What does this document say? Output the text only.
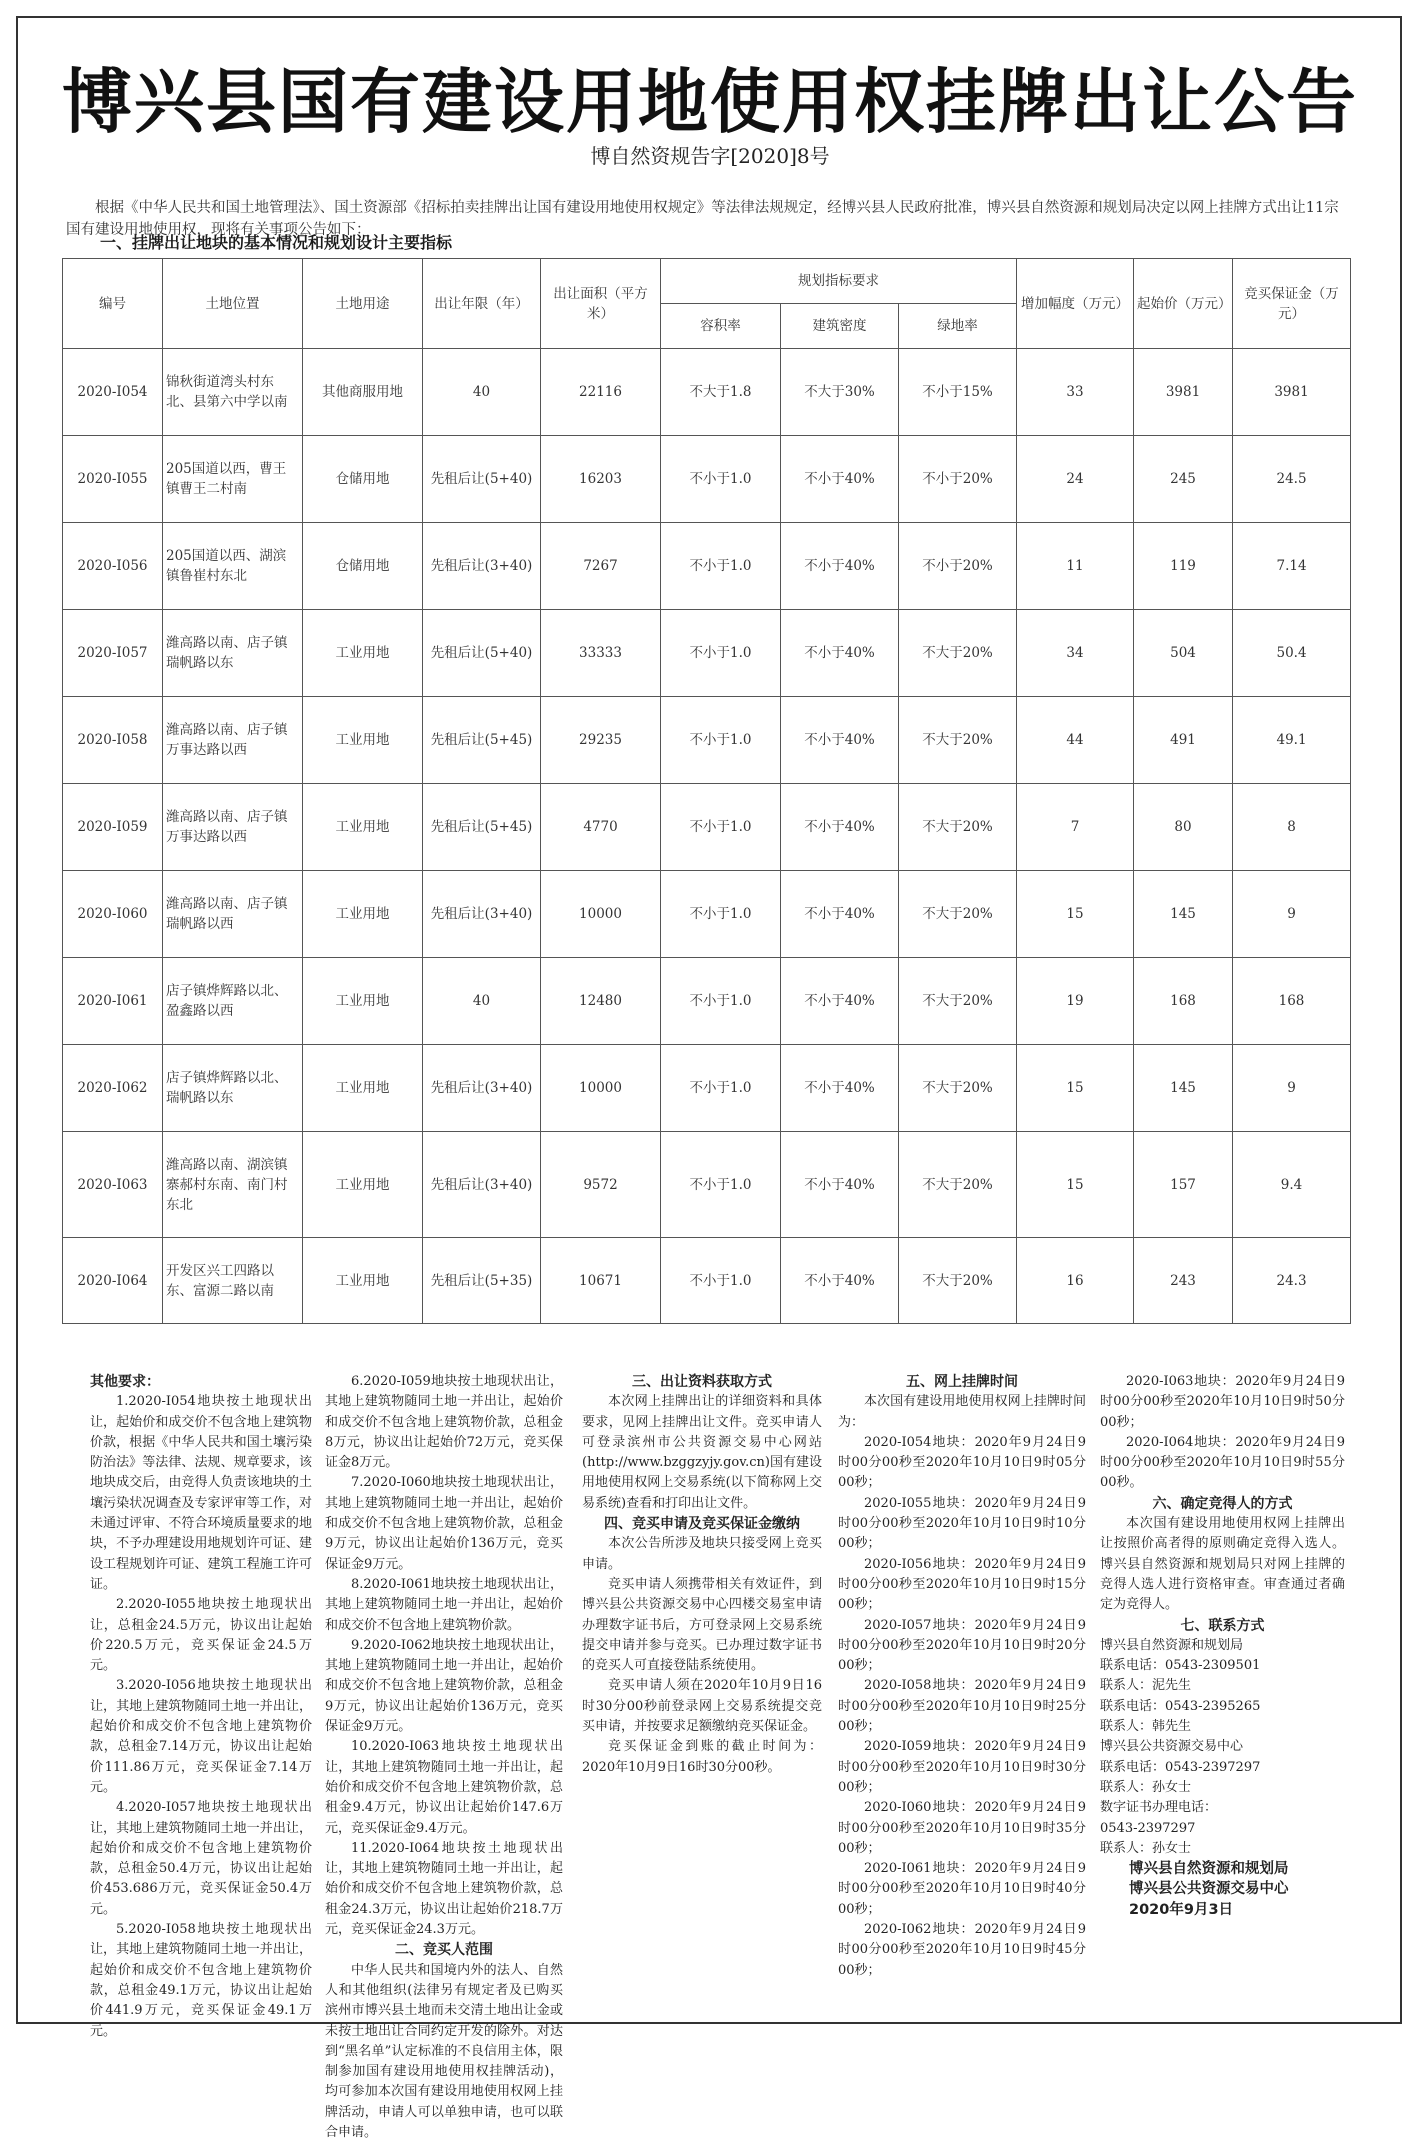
博兴县国有建设用地使用权挂牌出让公告
博自然资规告字[2020]8号

根据《中华人民共和国土地管理法》、国土资源部《招标拍卖挂牌出让国有建设用地使用权规定》等法律法规规定，经博兴县人民政府批准，博兴县自然资源和规划局决定以网上挂牌方式出让11宗国有建设用地使用权，现将有关事项公告如下：

一、挂牌出让地块的基本情况和规划设计主要指标
编号	土地位置	土地用途	出让年限（年）	出让面积（平方米）	规划指标要求			增加幅度（万元）	起始价（万元）	竞买保证金（万元）
					容积率	建筑密度	绿地率			
2020-I054	锦秋街道湾头村东北、县第六中学以南	其他商服用地	40	22116	不大于1.8	不大于30%	不小于15%	33	3981	3981
2020-I055	205国道以西，曹王镇曹王二村南	仓储用地	先租后让(5+40)	16203	不小于1.0	不小于40%	不小于20%	24	245	24.5
2020-I056	205国道以西、湖滨镇鲁崔村东北	仓储用地	先租后让(3+40)	7267	不小于1.0	不小于40%	不小于20%	11	119	7.14
2020-I057	潍高路以南、店子镇瑞帆路以东	工业用地	先租后让(5+40)	33333	不小于1.0	不小于40%	不大于20%	34	504	50.4
2020-I058	潍高路以南、店子镇万事达路以西	工业用地	先租后让(5+45)	29235	不小于1.0	不小于40%	不大于20%	44	491	49.1
2020-I059	潍高路以南、店子镇万事达路以西	工业用地	先租后让(5+45)	4770	不小于1.0	不小于40%	不大于20%	7	80	8
2020-I060	潍高路以南、店子镇瑞帆路以西	工业用地	先租后让(3+40)	10000	不小于1.0	不小于40%	不大于20%	15	145	9
2020-I061	店子镇烨辉路以北、盈鑫路以西	工业用地	40	12480	不小于1.0	不小于40%	不大于20%	19	168	168
2020-I062	店子镇烨辉路以北、瑞帆路以东	工业用地	先租后让(3+40)	10000	不小于1.0	不小于40%	不大于20%	15	145	9
2020-I063	潍高路以南、湖滨镇寨郝村东南、南门村东北	工业用地	先租后让(3+40)	9572	不小于1.0	不小于40%	不大于20%	15	157	9.4
2020-I064	开发区兴工四路以东、富源二路以南	工业用地	先租后让(5+35)	10671	不小于1.0	不小于40%	不大于20%	16	243	24.3

其他要求：

1.2020-I054地块按土地现状出让，起始价和成交价不包含地上建筑物价款，根据《中华人民共和国土壤污染防治法》等法律、法规、规章要求，该地块成交后，由竞得人负责该地块的土壤污染状况调查及专家评审等工作，对未通过评审、不符合环境质量要求的地块，不予办理建设用地规划许可证、建设工程规划许可证、建筑工程施工许可证。

2.2020-I055地块按土地现状出让，总租金24.5万元，协议出让起始价220.5万元，竞买保证金24.5万元。

3.2020-I056地块按土地现状出让，其地上建筑物随同土地一并出让，起始价和成交价不包含地上建筑物价款，总租金7.14万元，协议出让起始价111.86万元，竞买保证金7.14万元。

4.2020-I057地块按土地现状出让，其地上建筑物随同土地一并出让，起始价和成交价不包含地上建筑物价款，总租金50.4万元，协议出让起始价453.686万元，竞买保证金50.4万元。

5.2020-I058地块按土地现状出让，其地上建筑物随同土地一并出让，起始价和成交价不包含地上建筑物价款，总租金49.1万元，协议出让起始价441.9万元，竞买保证金49.1万元。

6.2020-I059地块按土地现状出让，其地上建筑物随同土地一并出让，起始价和成交价不包含地上建筑物价款，总租金8万元，协议出让起始价72万元，竞买保证金8万元。

7.2020-I060地块按土地现状出让，其地上建筑物随同土地一并出让，起始价和成交价不包含地上建筑物价款，总租金9万元，协议出让起始价136万元，竞买保证金9万元。

8.2020-I061地块按土地现状出让，其地上建筑物随同土地一并出让，起始价和成交价不包含地上建筑物价款。

9.2020-I062地块按土地现状出让，其地上建筑物随同土地一并出让，起始价和成交价不包含地上建筑物价款，总租金9万元，协议出让起始价136万元，竞买保证金9万元。

10.2020-I063地块按土地现状出让，其地上建筑物随同土地一并出让，起始价和成交价不包含地上建筑物价款，总租金9.4万元，协议出让起始价147.6万元，竞买保证金9.4万元。

11.2020-I064地块按土地现状出让，其地上建筑物随同土地一并出让，起始价和成交价不包含地上建筑物价款，总租金24.3万元，协议出让起始价218.7万元，竞买保证金24.3万元。

二、竞买人范围

中华人民共和国境内外的法人、自然人和其他组织(法律另有规定者及已购买滨州市博兴县土地而未交清土地出让金或未按土地出让合同约定开发的除外。对达到“黑名单”认定标准的不良信用主体，限制参加国有建设用地使用权挂牌活动)，均可参加本次国有建设用地使用权网上挂牌活动，申请人可以单独申请，也可以联合申请。

三、出让资料获取方式

本次网上挂牌出让的详细资料和具体要求，见网上挂牌出让文件。竞买申请人可登录滨州市公共资源交易中心网站(http://www.bzggzyjy.gov.cn)国有建设用地使用权网上交易系统(以下简称网上交易系统)查看和打印出让文件。

四、竞买申请及竞买保证金缴纳

本次公告所涉及地块只接受网上竞买申请。

竞买申请人须携带相关有效证件，到博兴县公共资源交易中心四楼交易室申请办理数字证书后，方可登录网上交易系统提交申请并参与竞买。已办理过数字证书的竞买人可直接登陆系统使用。

竞买申请人须在2020年10月9日16时30分00秒前登录网上交易系统提交竞买申请，并按要求足额缴纳竞买保证金。

竞买保证金到账的截止时间为：2020年10月9日16时30分00秒。

五、网上挂牌时间

本次国有建设用地使用权网上挂牌时间为：

2020-I054地块：2020年9月24日9时00分00秒至2020年10月10日9时05分00秒；

2020-I055地块：2020年9月24日9时00分00秒至2020年10月10日9时10分00秒；

2020-I056地块：2020年9月24日9时00分00秒至2020年10月10日9时15分00秒；

2020-I057地块：2020年9月24日9时00分00秒至2020年10月10日9时20分00秒；

2020-I058地块：2020年9月24日9时00分00秒至2020年10月10日9时25分00秒；

2020-I059地块：2020年9月24日9时00分00秒至2020年10月10日9时30分00秒；

2020-I060地块：2020年9月24日9时00分00秒至2020年10月10日9时35分00秒；

2020-I061地块：2020年9月24日9时00分00秒至2020年10月10日9时40分00秒；

2020-I062地块：2020年9月24日9时00分00秒至2020年10月10日9时45分00秒；

2020-I063地块：2020年9月24日9时00分00秒至2020年10月10日9时50分00秒；

2020-I064地块：2020年9月24日9时00分00秒至2020年10月10日9时55分00秒。

六、确定竞得人的方式

本次国有建设用地使用权网上挂牌出让按照价高者得的原则确定竞得入选人。博兴县自然资源和规划局只对网上挂牌的竞得人选人进行资格审查。审查通过者确定为竞得人。

七、联系方式

博兴县自然资源和规划局

联系电话：0543-2309501

联系人：泥先生

联系电话：0543-2395265

联系人：韩先生

博兴县公共资源交易中心

联系电话：0543-2397297

联系人：孙女士

数字证书办理电话：

0543-2397297

联系人：孙女士

博兴县自然资源和规划局

博兴县公共资源交易中心

2020年9月3日
